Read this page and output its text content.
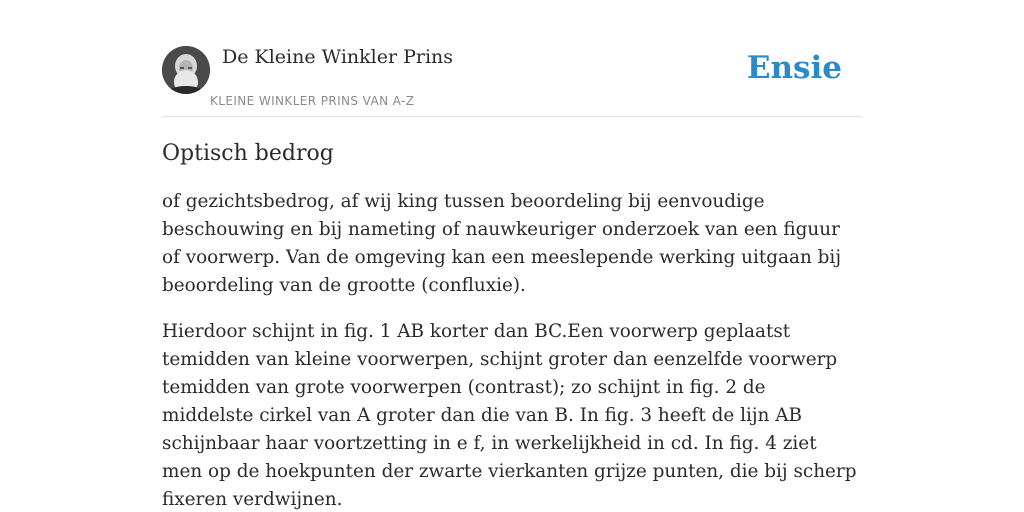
De Kleine Winkler Prins
KLEINE WINKLER PRINS VAN A-Z
Ensie
Optisch bedrog

of gezichtsbedrog, af wij king tussen beoordeling bij eenvoudige beschouwing en bij nameting of nauwkeuriger onderzoek van een figuur of voorwerp. Van de omgeving kan een meeslepende werking uitgaan bij beoordeling van de grootte (confluxie).

Hierdoor schijnt in fig. 1 AB korter dan BC.Een voorwerp geplaatst temidden van kleine voorwerpen, schijnt groter dan eenzelfde voorwerp temidden van grote voorwerpen (contrast); zo schijnt in fig. 2 de middelste cirkel van A groter dan die van B. In fig. 3 heeft de lijn AB schijnbaar haar voortzetting in e f, in werkelijkheid in cd. In fig. 4 ziet men op de hoekpunten der zwarte vierkanten grijze punten, die bij scherp fixeren verdwijnen.
